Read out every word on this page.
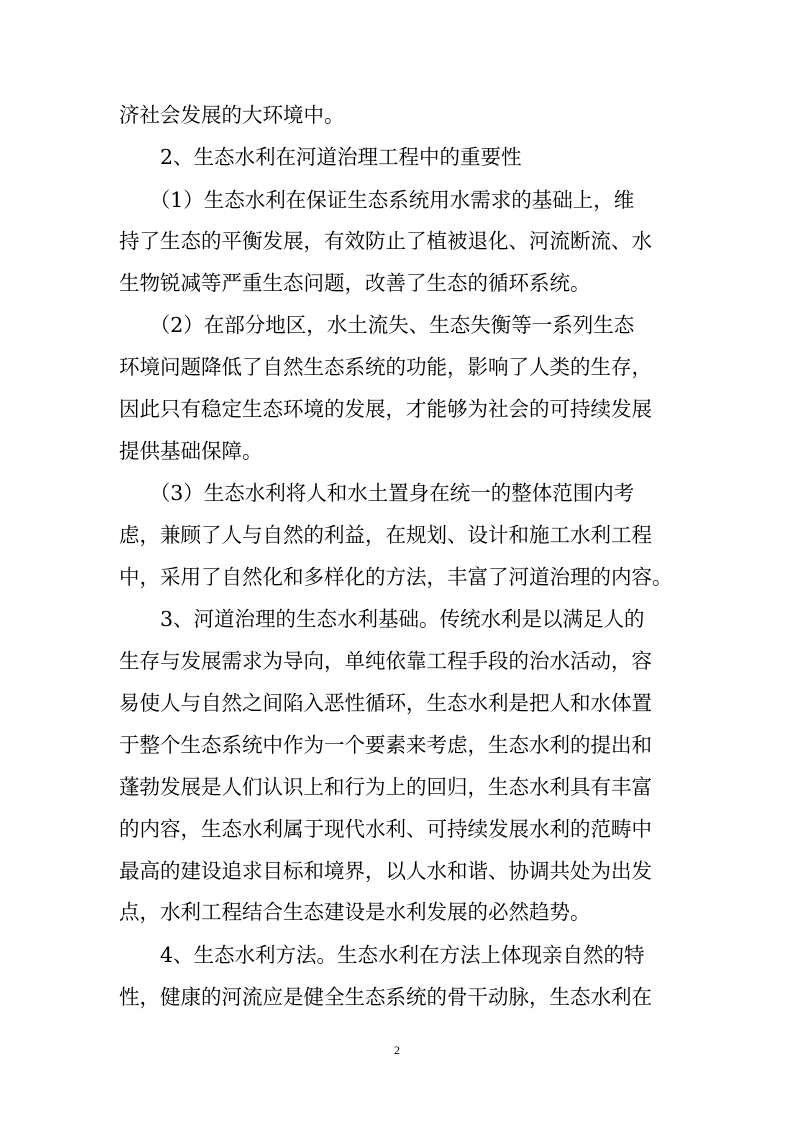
济社会发展的大环境中。
　　2、生态水利在河道治理工程中的重要性
　　（1）生态水利在保证生态系统用水需求的基础上，维
持了生态的平衡发展，有效防止了植被退化、河流断流、水
生物锐减等严重生态问题，改善了生态的循环系统。
　　（2）在部分地区，水土流失、生态失衡等一系列生态
环境问题降低了自然生态系统的功能，影响了人类的生存，
因此只有稳定生态环境的发展，才能够为社会的可持续发展
提供基础保障。
　　（3）生态水利将人和水土置身在统一的整体范围内考
虑，兼顾了人与自然的利益，在规划、设计和施工水利工程
中，采用了自然化和多样化的方法，丰富了河道治理的内容。
　　3、河道治理的生态水利基础。传统水利是以满足人的
生存与发展需求为导向，单纯依靠工程手段的治水活动，容
易使人与自然之间陷入恶性循环，生态水利是把人和水体置
于整个生态系统中作为一个要素来考虑，生态水利的提出和
蓬勃发展是人们认识上和行为上的回归，生态水利具有丰富
的内容，生态水利属于现代水利、可持续发展水利的范畴中
最高的建设追求目标和境界，以人水和谐、协调共处为出发
点，水利工程结合生态建设是水利发展的必然趋势。
　　4、生态水利方法。生态水利在方法上体现亲自然的特
性，健康的河流应是健全生态系统的骨干动脉，生态水利在
2
